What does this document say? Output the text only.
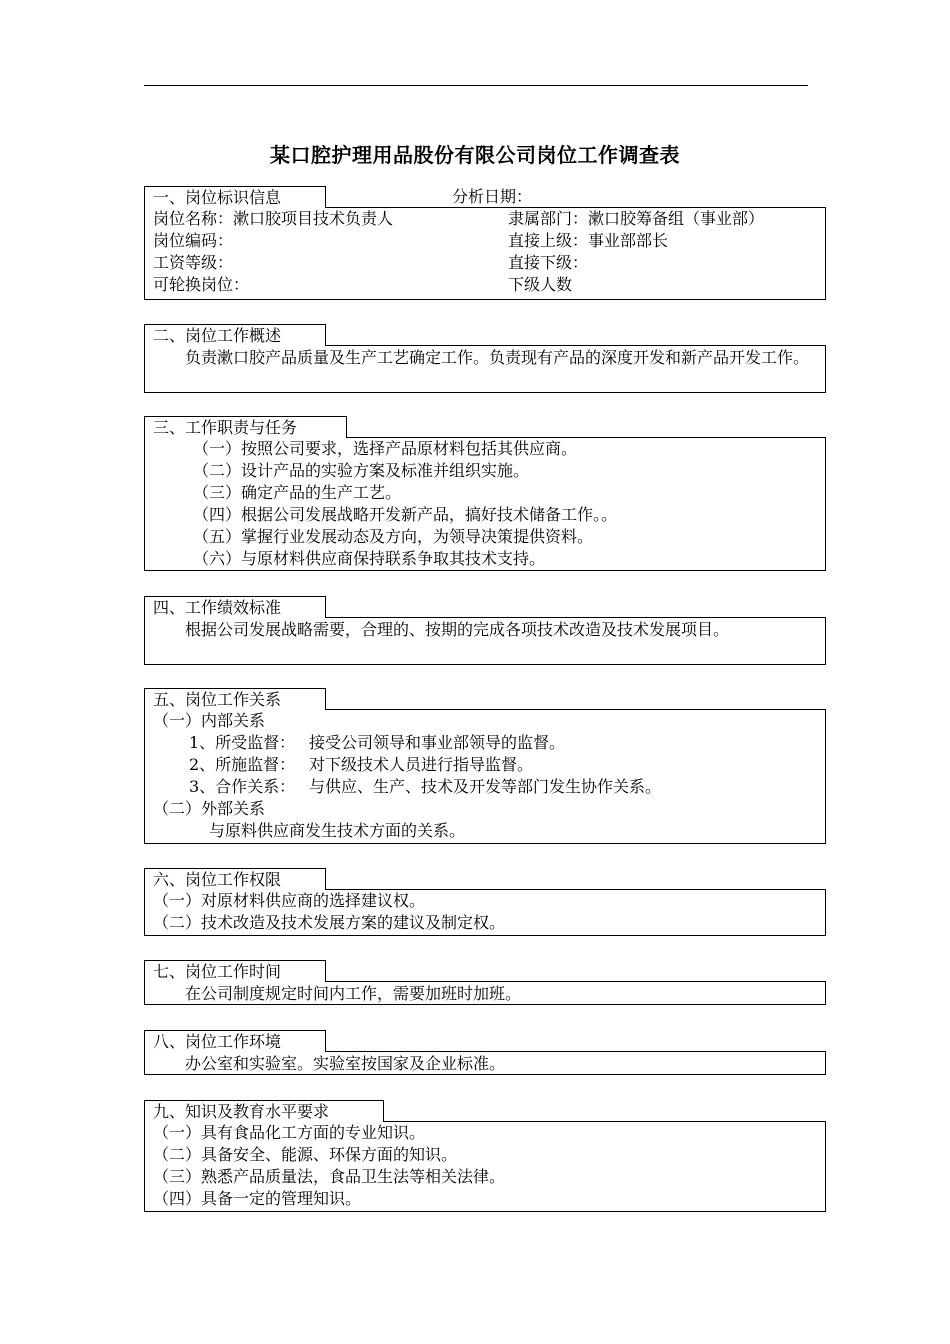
某口腔护理用品股份有限公司岗位工作调查表
一、岗位标识信息
岗位名称：漱口胶项目技术负责人	隶属部门：漱口胶筹备组（事业部）
岗位编码：	直接上级：事业部部长
工资等级：	直接下级：
可轮换岗位：	下级人数
分析日期：
二、岗位工作概述
负责漱口胶产品质量及生产工艺确定工作。负责现有产品的深度开发和新产品开发工作。
三、工作职责与任务
（一）按照公司要求，选择产品原材料包括其供应商。
（二）设计产品的实验方案及标准并组织实施。
（三）确定产品的生产工艺。
（四）根据公司发展战略开发新产品，搞好技术储备工作。。
（五）掌握行业发展动态及方向，为领导决策提供资料。
（六）与原材料供应商保持联系争取其技术支持。
四、工作绩效标准
根据公司发展战略需要，合理的、按期的完成各项技术改造及技术发展项目。
五、岗位工作关系
（一）内部关系
1、所受监督： 接受公司领导和事业部领导的监督。
2、所施监督： 对下级技术人员进行指导监督。
3、合作关系： 与供应、生产、技术及开发等部门发生协作关系。
（二）外部关系
与原料供应商发生技术方面的关系。
六、岗位工作权限
（一）对原材料供应商的选择建议权。
（二）技术改造及技术发展方案的建议及制定权。
七、岗位工作时间
在公司制度规定时间内工作，需要加班时加班。
八、岗位工作环境
办公室和实验室。实验室按国家及企业标准。
九、知识及教育水平要求
（一）具有食品化工方面的专业知识。
（二）具备安全、能源、环保方面的知识。
（三）熟悉产品质量法，食品卫生法等相关法律。
（四）具备一定的管理知识。
